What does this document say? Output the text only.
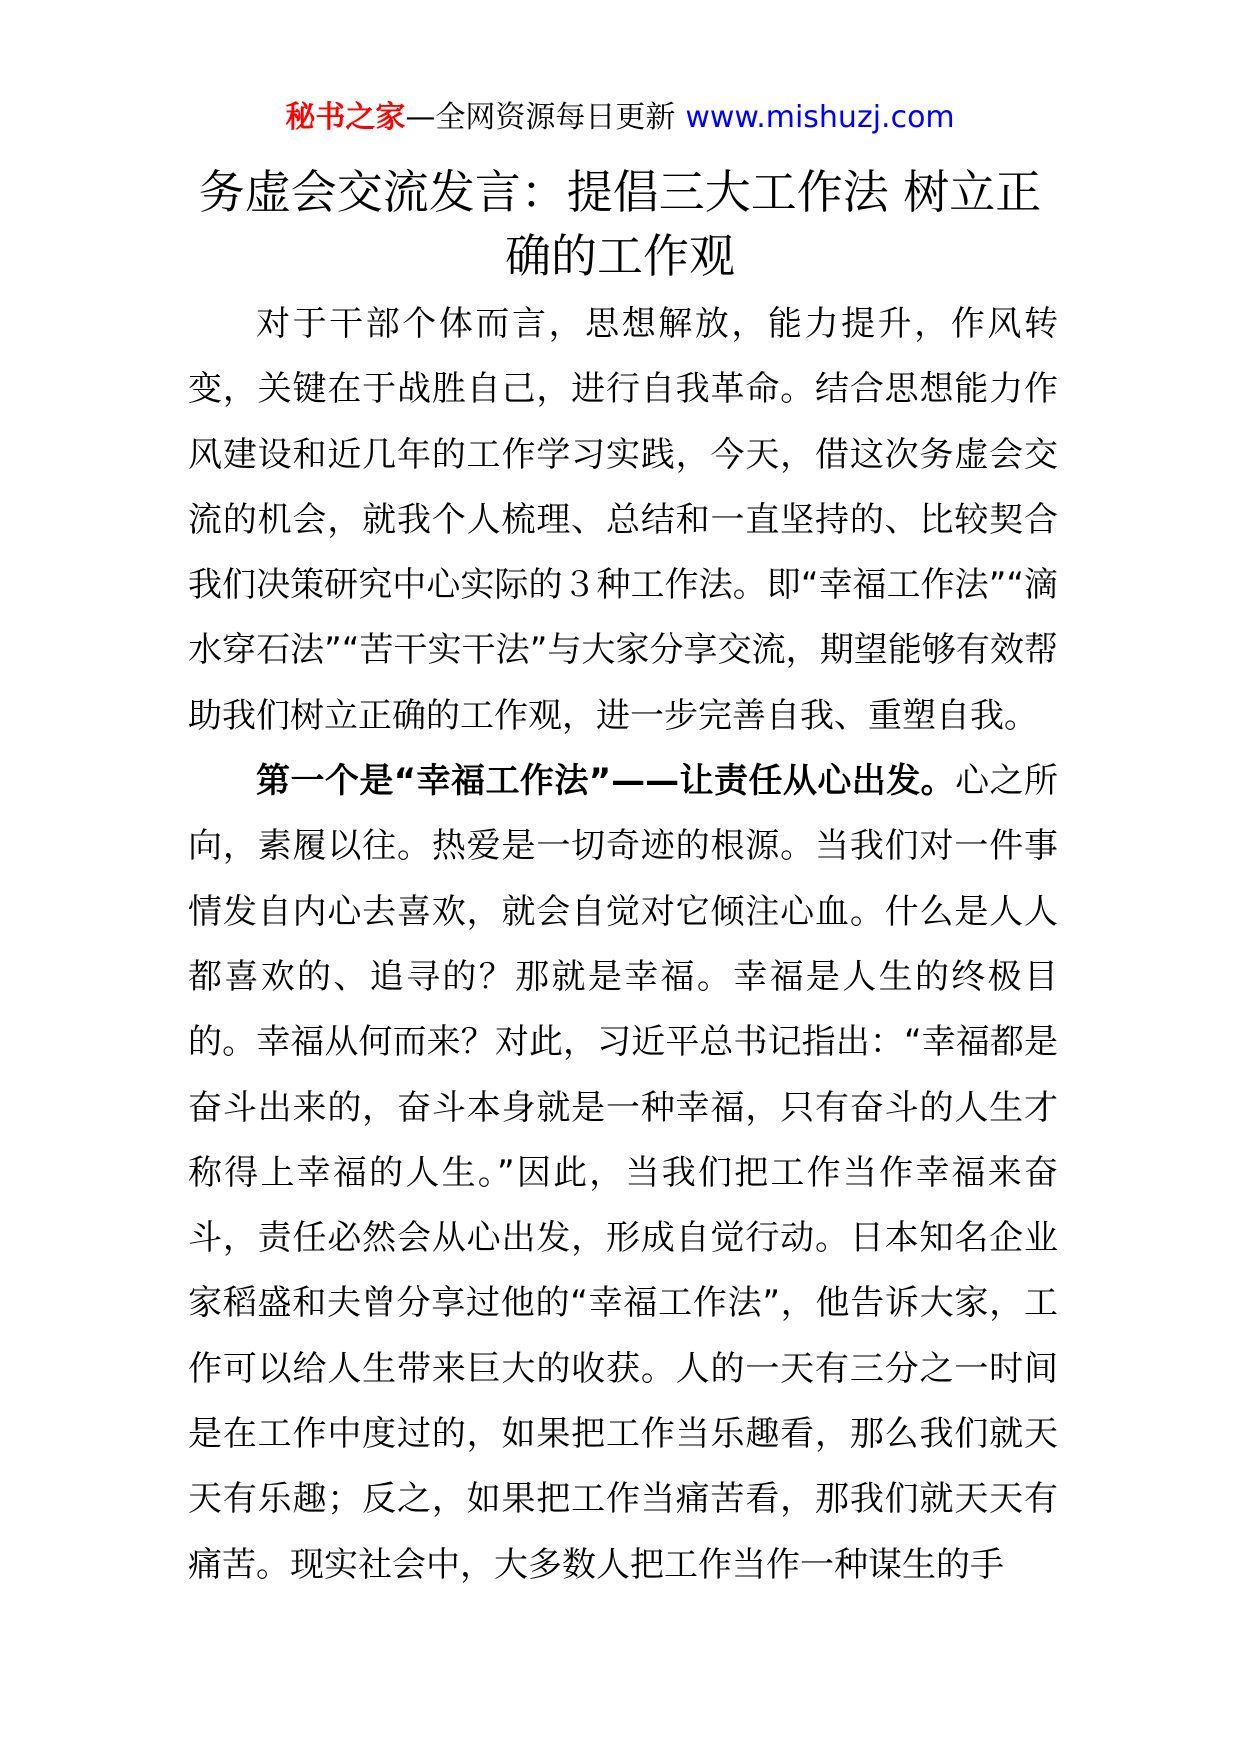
秘书之家—全网资源每日更新 www.mishuzj.com
务虚会交流发言：提倡三大工作法 树立正确的工作观

对于干部个体而言，思想解放，能力提升，作风转变，关键在于战胜自己，进行自我革命。结合思想能力作风建设和近几年的工作学习实践，今天，借这次务虚会交流的机会，就我个人梳理、总结和一直坚持的、比较契合我们决策研究中心实际的３种工作法。即“幸福工作法”“滴水穿石法”“苦干实干法”与大家分享交流，期望能够有效帮助我们树立正确的工作观，进一步完善自我、重塑自我。

第一个是“幸福工作法”——让责任从心出发。心之所向，素履以往。热爱是一切奇迹的根源。当我们对一件事情发自内心去喜欢，就会自觉对它倾注心血。什么是人人都喜欢的、追寻的？那就是幸福。幸福是人生的终极目的。幸福从何而来？对此，习近平总书记指出：“幸福都是奋斗出来的，奋斗本身就是一种幸福，只有奋斗的人生才称得上幸福的人生。”因此，当我们把工作当作幸福来奋斗，责任必然会从心出发，形成自觉行动。日本知名企业家稻盛和夫曾分享过他的“幸福工作法”，他告诉大家，工作可以给人生带来巨大的收获。人的一天有三分之一时间是在工作中度过的，如果把工作当乐趣看，那么我们就天天有乐趣；反之，如果把工作当痛苦看，那我们就天天有痛苦。现实社会中，大多数人把工作当作一种谋生的手
